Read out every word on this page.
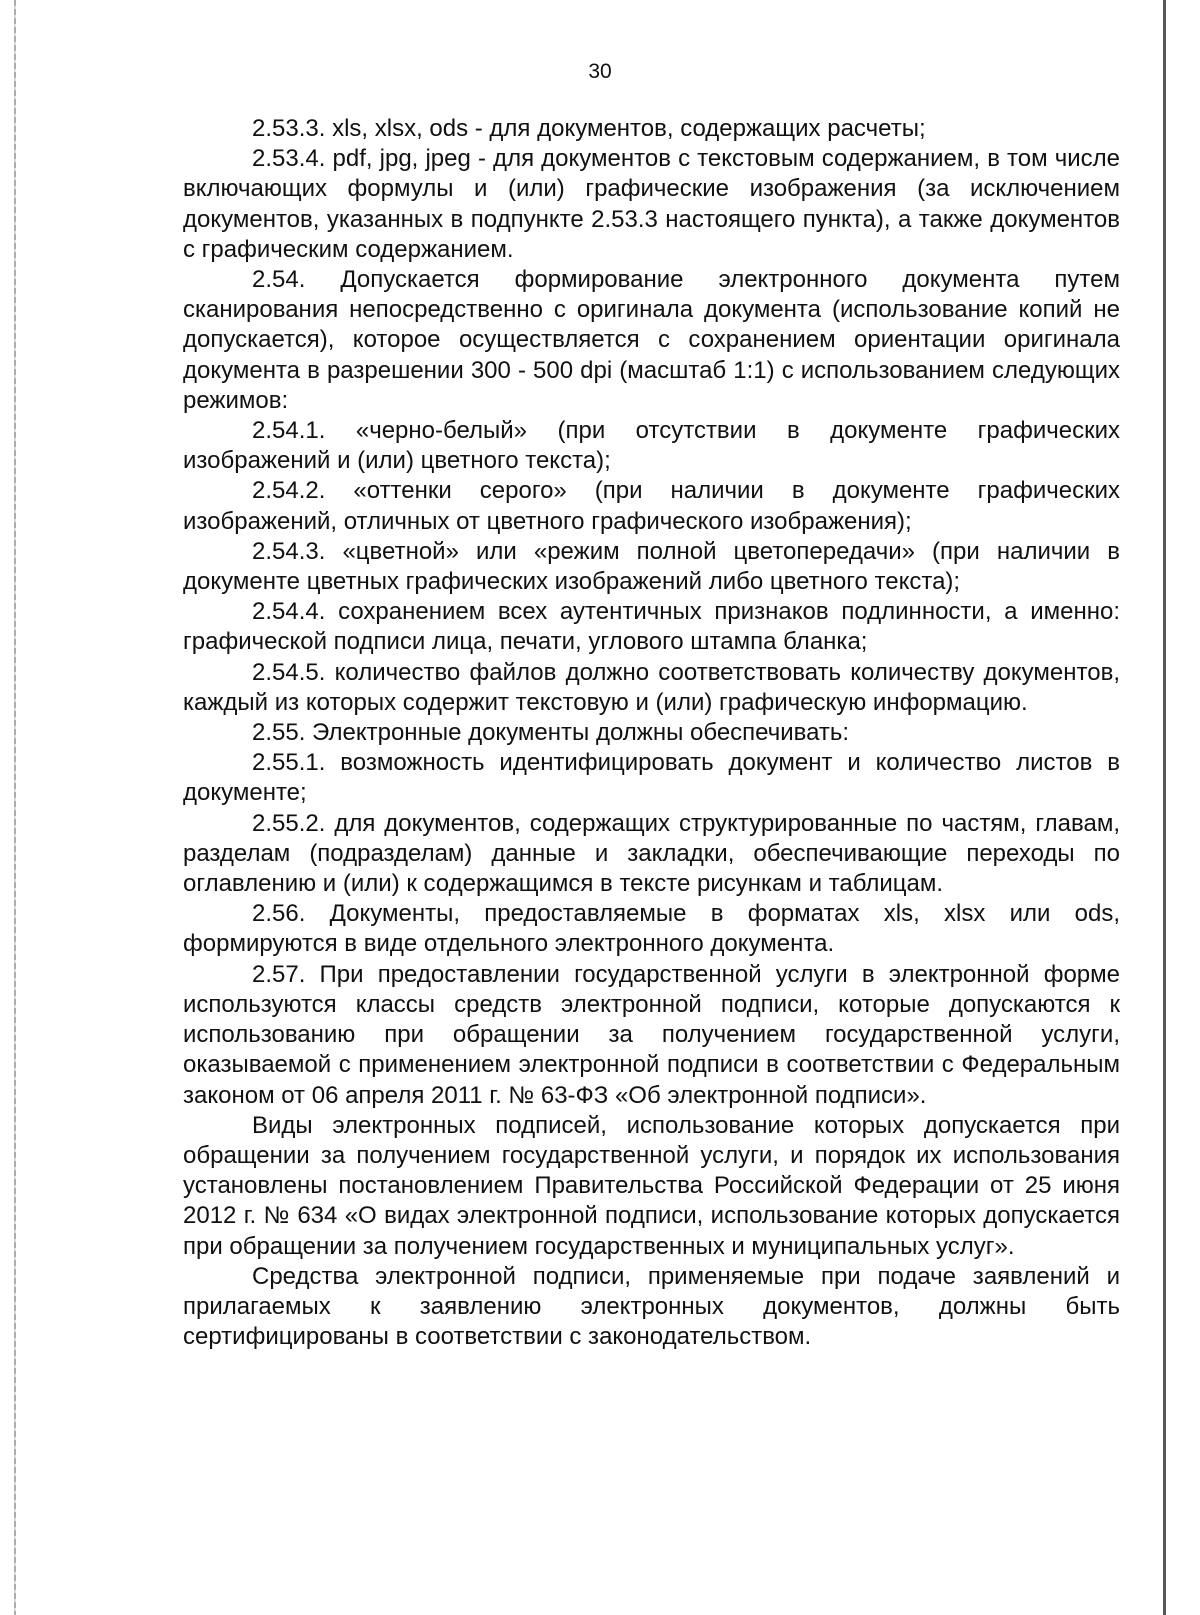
30

2.53.3. xls, xlsx, ods - для документов, содержащих расчеты;

2.53.4. pdf, jpg, jpeg - для документов с текстовым содержанием, в том числе включающих формулы и (или) графические изображения (за исключением документов, указанных в подпункте 2.53.3 настоящего пункта), а также документов с графическим содержанием.

2.54. Допускается формирование электронного документа путем сканирования непосредственно с оригинала документа (использование копий не допускается), которое осуществляется с сохранением ориентации оригинала документа в разрешении 300 - 500 dpi (масштаб 1:1) с использованием следующих режимов:

2.54.1. «черно-белый» (при отсутствии в документе графических изображений и (или) цветного текста);

2.54.2. «оттенки серого» (при наличии в документе графических изображений, отличных от цветного графического изображения);

2.54.3. «цветной» или «режим полной цветопередачи» (при наличии в документе цветных графических изображений либо цветного текста);

2.54.4. сохранением всех аутентичных признаков подлинности, а именно: графической подписи лица, печати, углового штампа бланка;

2.54.5. количество файлов должно соответствовать количеству документов, каждый из которых содержит текстовую и (или) графическую информацию.

2.55. Электронные документы должны обеспечивать:

2.55.1. возможность идентифицировать документ и количество листов в документе;

2.55.2. для документов, содержащих структурированные по частям, главам, разделам (подразделам) данные и закладки, обеспечивающие переходы по оглавлению и (или) к содержащимся в тексте рисункам и таблицам.

2.56. Документы, предоставляемые в форматах xls, xlsx или ods, формируются в виде отдельного электронного документа.

2.57. При предоставлении государственной услуги в электронной форме используются классы средств электронной подписи, которые допускаются к использованию при обращении за получением государственной услуги, оказываемой с применением электронной подписи в соответствии с Федеральным законом от 06 апреля 2011 г. № 63-ФЗ «Об электронной подписи».

Виды электронных подписей, использование которых допускается при обращении за получением государственной услуги, и порядок их использования установлены постановлением Правительства Российской Федерации от 25 июня 2012 г. № 634 «О видах электронной подписи, использование которых допускается при обращении за получением государственных и муниципальных услуг».

Средства электронной подписи, применяемые при подаче заявлений и прилагаемых к заявлению электронных документов, должны быть сертифицированы в соответствии с законодательством.
